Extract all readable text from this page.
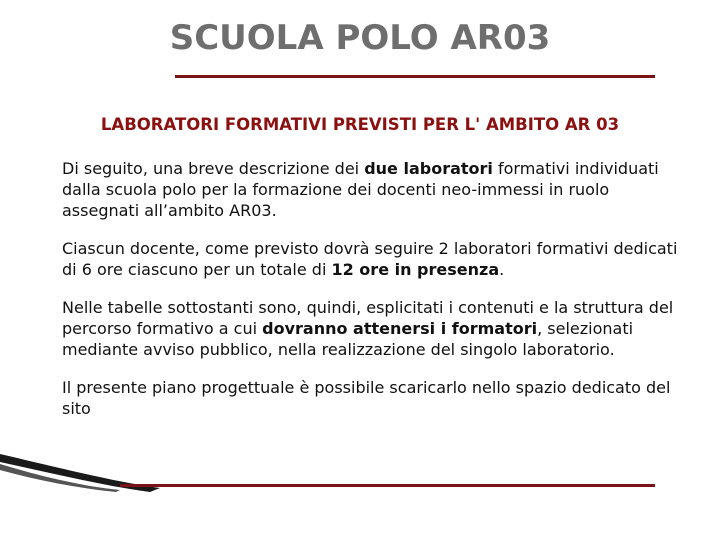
SCUOLA POLO AR03
LABORATORI FORMATIVI PREVISTI PER L' AMBITO AR 03

Di seguito, una breve descrizione dei due laboratori formativi individuati dalla scuola polo per la formazione dei docenti neo-immessi in ruolo assegnati all’ambito AR03.

Ciascun docente, come previsto dovrà seguire 2 laboratori formativi dedicati di 6 ore ciascuno per un totale di 12 ore in presenza.

Nelle tabelle sottostanti sono, quindi, esplicitati i contenuti e la struttura del percorso formativo a cui dovranno attenersi i formatori, selezionati mediante avviso pubblico, nella realizzazione del singolo laboratorio.

Il presente piano progettuale è possibile scaricarlo nello spazio dedicato del sito
